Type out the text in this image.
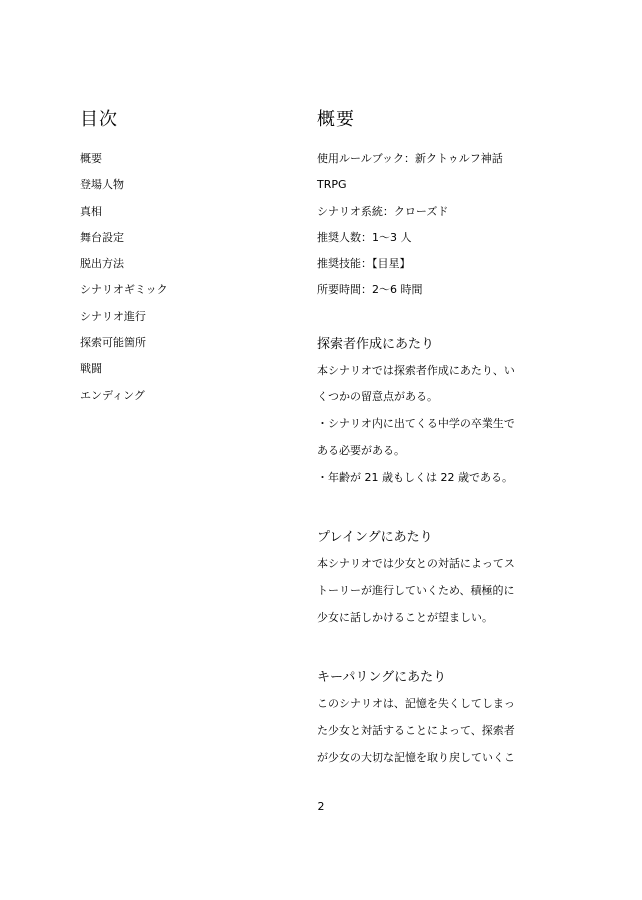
目次
概要
登場人物
真相
舞台設定
脱出方法
シナリオギミック
シナリオ進行
探索可能箇所
戦闘
エンディング
概要
使用ルールブック：新クトゥルフ神話
TRPG
シナリオ系統：クローズド
推奨人数：1～3 人
推奨技能：【目星】
所要時間：2～6 時間
探索者作成にあたり

本シナリオでは探索者作成にあたり、い

くつかの留意点がある。

・シナリオ内に出てくる中学の卒業生で

ある必要がある。

・年齢が 21 歳もしくは 22 歳である。

プレイングにあたり

本シナリオでは少女との対話によってス

トーリーが進行していくため、積極的に

少女に話しかけることが望ましい。

キーパリングにあたり

このシナリオは、記憶を失くしてしまっ

た少女と対話することによって、探索者

が少女の大切な記憶を取り戻していくこ

2
